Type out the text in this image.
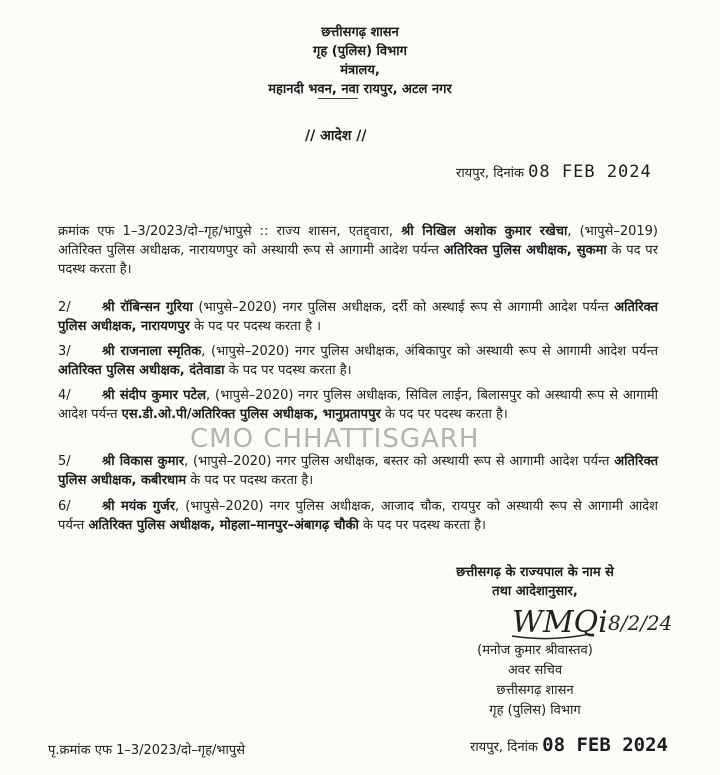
छत्तीसगढ़ शासन
गृह (पुलिस) विभाग
मंत्रालय,
महानदी भवन, नवा रायपुर, अटल नगर
// आदेश //
रायपुर, दिनांक 08 FEB 2024
क्रमांक एफ 1–3/2023/दो–गृह/भापुसे :: राज्य शासन, एतद्द्वारा, श्री निखिल अशोक कुमार रखेचा, (भापुसे–2019) अतिरिक्त पुलिस अधीक्षक, नारायणपुर को अस्थायी रूप से आगामी आदेश पर्यन्त अतिरिक्त पुलिस अधीक्षक, सुकमा के पद पर पदस्थ करता है।
2/ श्री रॉबिन्सन गुरिया (भापुसे–2020) नगर पुलिस अधीक्षक, दर्री को अस्थाई रूप से आगामी आदेश पर्यन्त अतिरिक्त पुलिस अधीक्षक, नारायणपुर के पद पर पदस्थ करता है ।
3/ श्री राजनाला स्मृतिक, (भापुसे–2020) नगर पुलिस अधीक्षक, अंबिकापुर को अस्थायी रूप से आगामी आदेश पर्यन्त अतिरिक्त पुलिस अधीक्षक, दंतेवाडा के पद पर पदस्थ करता है।
4/ श्री संदीप कुमार पटेल, (भापुसे–2020) नगर पुलिस अधीक्षक, सिविल लाईन, बिलासपुर को अस्थायी रूप से आगामी आदेश पर्यन्त एस.डी.ओ.पी/अतिरिक्त पुलिस अधीक्षक, भानुप्रतापपुर के पद पर पदस्थ करता है।
CMO CHHATTISGARH
5/ श्री विकास कुमार, (भापुसे–2020) नगर पुलिस अधीक्षक, बस्तर को अस्थायी रूप से आगामी आदेश पर्यन्त अतिरिक्त पुलिस अधीक्षक, कबीरधाम के पद पर पदस्थ करता है।
6/ श्री मयंक गुर्जर, (भापुसे–2020) नगर पुलिस अधीक्षक, आजाद चौक, रायपुर को अस्थायी रूप से आगामी आदेश पर्यन्त अतिरिक्त पुलिस अधीक्षक, मोहला–मानपुर–अंबागढ़ चौकी के पद पर पदस्थ करता है।
छत्तीसगढ़ के राज्यपाल के नाम से
तथा आदेशानुसार,
WMQi 8/2/24
(मनोज कुमार श्रीवास्तव)
अवर सचिव
छत्तीसगढ़ शासन
गृह (पुलिस) विभाग
पृ.क्रमांक एफ 1–3/2023/दो–गृह/भापुसे	रायपुर, दिनांक 08 FEB 2024
